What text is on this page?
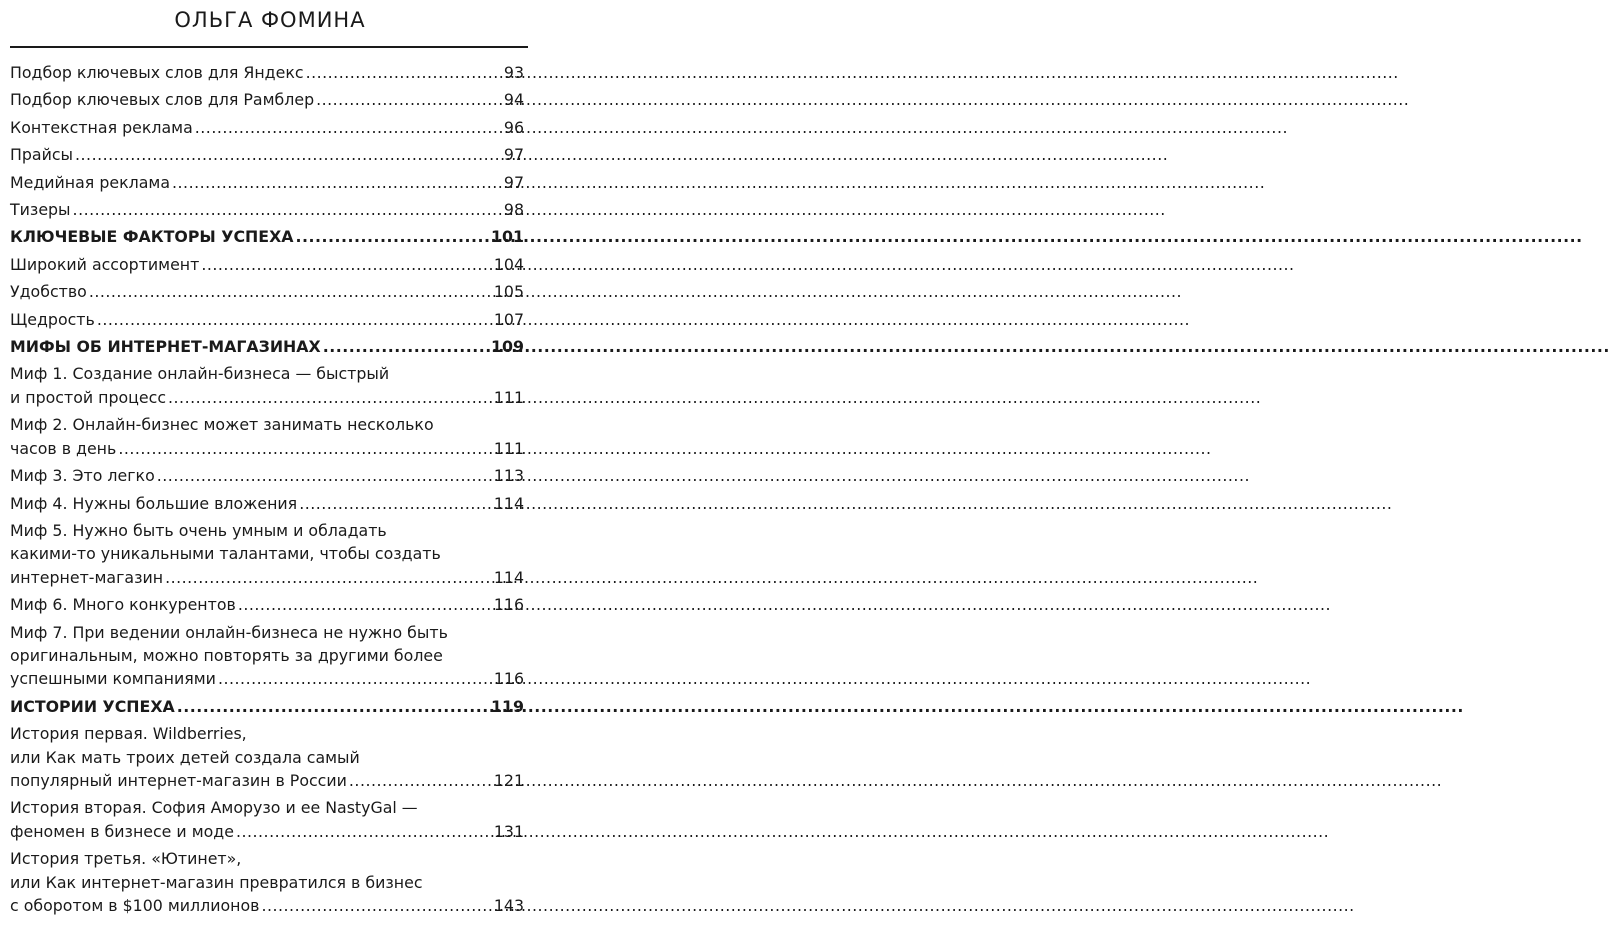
ОЛЬГА ФОМИНА
Подбор ключевых слов для Яндекс .....	93
Подбор ключевых слов для Рамблер .....	94
Контекстная реклама .....	96
Прайсы .....	97
Медийная реклама .....	97
Тизеры .....	98
КЛЮЧЕВЫЕ ФАКТОРЫ УСПЕХА .....	101
Широкий ассортимент .....	104
Удобство .....	105
Щедрость .....	107
МИФЫ ОБ ИНТЕРНЕТ-МАГАЗИНАХ .....	109
Миф 1. Создание онлайн-бизнеса — быстрый
и простой процесс .....	111
Миф 2. Онлайн-бизнес может занимать несколько
часов в день .....	111
Миф 3. Это легко .....	113
Миф 4. Нужны большие вложения .....	114
Миф 5. Нужно быть очень умным и обладать
какими-то уникальными талантами, чтобы создать
интернет-магазин .....	114
Миф 6. Много конкурентов .....	116
Миф 7. При ведении онлайн-бизнеса не нужно быть
оригинальным, можно повторять за другими более
успешными компаниями .....	116
ИСТОРИИ УСПЕХА .....	119
История первая. Wildberries,
или Как мать троих детей создала самый
популярный интернет-магазин в России .....	121
История вторая. София Аморузо и ее NastyGal —
феномен в бизнесе и моде .....	131
История третья. «Ютинет»,
или Как интернет-магазин превратился в бизнес
с оборотом в $100 миллионов .....	143
